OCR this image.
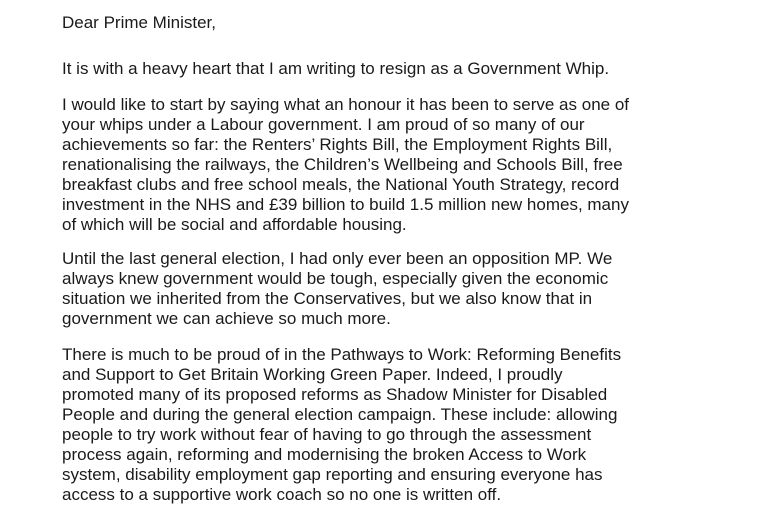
Dear Prime Minister,

It is with a heavy heart that I am writing to resign as a Government Whip.

I would like to start by saying what an honour it has been to serve as one of

your whips under a Labour government. I am proud of so many of our

achievements so far: the Renters’ Rights Bill, the Employment Rights Bill,

renationalising the railways, the Children’s Wellbeing and Schools Bill, free

breakfast clubs and free school meals, the National Youth Strategy, record

investment in the NHS and £39 billion to build 1.5 million new homes, many

of which will be social and affordable housing.

Until the last general election, I had only ever been an opposition MP. We

always knew government would be tough, especially given the economic

situation we inherited from the Conservatives, but we also know that in

government we can achieve so much more.

There is much to be proud of in the Pathways to Work: Reforming Benefits

and Support to Get Britain Working Green Paper. Indeed, I proudly

promoted many of its proposed reforms as Shadow Minister for Disabled

People and during the general election campaign. These include: allowing

people to try work without fear of having to go through the assessment

process again, reforming and modernising the broken Access to Work

system, disability employment gap reporting and ensuring everyone has

access to a supportive work coach so no one is written off.
